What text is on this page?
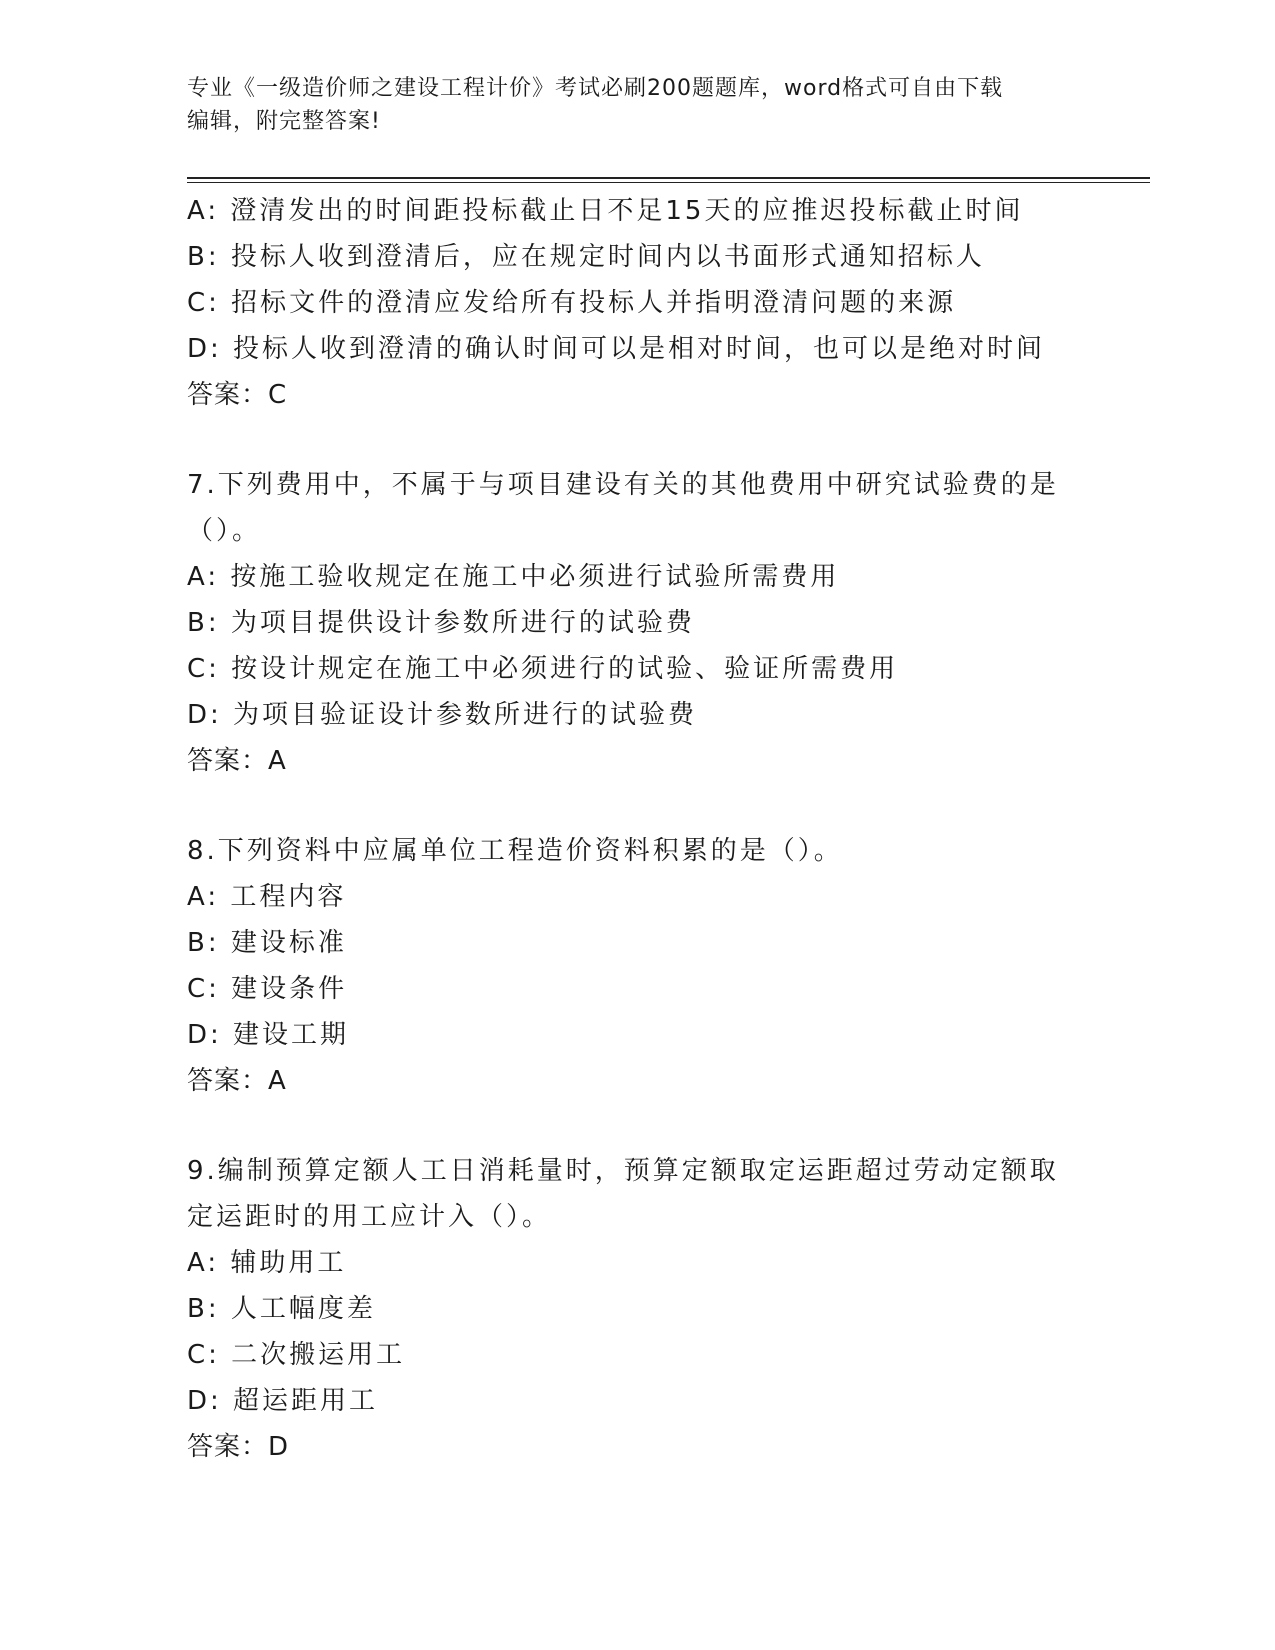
专业《一级造价师之建设工程计价》考试必刷200题题库，word格式可自由下载

编辑，附完整答案!

A: 澄清发出的时间距投标截止日不足15天的应推迟投标截止时间
B: 投标人收到澄清后，应在规定时间内以书面形式通知招标人
C: 招标文件的澄清应发给所有投标人并指明澄清问题的来源
D: 投标人收到澄清的确认时间可以是相对时间，也可以是绝对时间
答案：C
7.下列费用中，不属于与项目建设有关的其他费用中研究试验费的是
（）。
A: 按施工验收规定在施工中必须进行试验所需费用
B: 为项目提供设计参数所进行的试验费
C: 按设计规定在施工中必须进行的试验、验证所需费用
D: 为项目验证设计参数所进行的试验费
答案：A
8.下列资料中应属单位工程造价资料积累的是（）。
A: 工程内容
B: 建设标准
C: 建设条件
D: 建设工期
答案：A
9.编制预算定额人工日消耗量时，预算定额取定运距超过劳动定额取
定运距时的用工应计入（）。
A: 辅助用工
B: 人工幅度差
C: 二次搬运用工
D: 超运距用工
答案：D
